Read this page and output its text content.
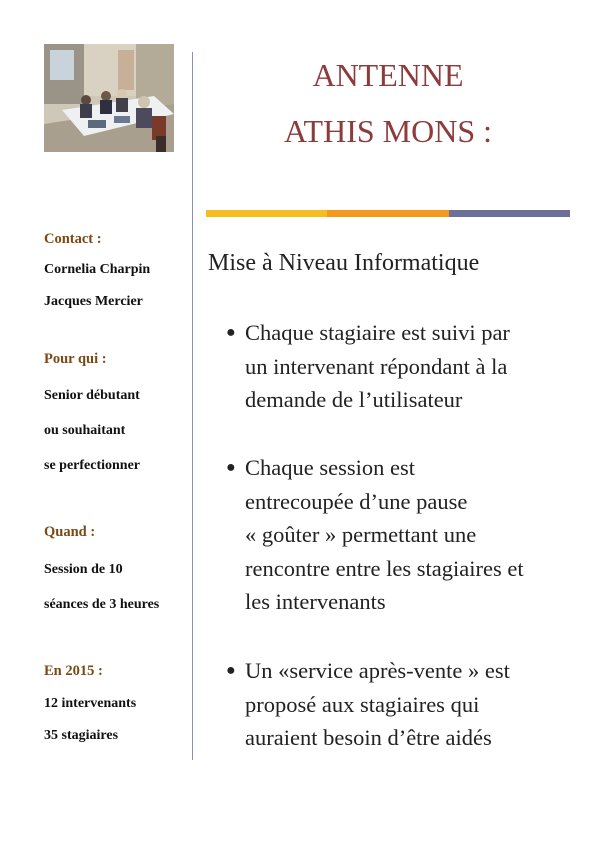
ANTENNE
ATHIS MONS :
Contact :
Cornelia Charpin
Jacques Mercier
Pour qui :
Senior débutant
ou souhaitant
se perfectionner
Quand :
Session de 10
séances de 3 heures
En 2015 :
12 intervenants
35 stagiaires
Mise à Niveau Informatique
● Chaque stagiaire est suivi par
un intervenant répondant à la
demande de l’utilisateur
● Chaque session est
entrecoupée d’une pause
« goûter » permettant une
rencontre entre les stagiaires et
les intervenants
● Un «service après-vente » est
proposé aux stagiaires qui
auraient besoin d’être aidés
